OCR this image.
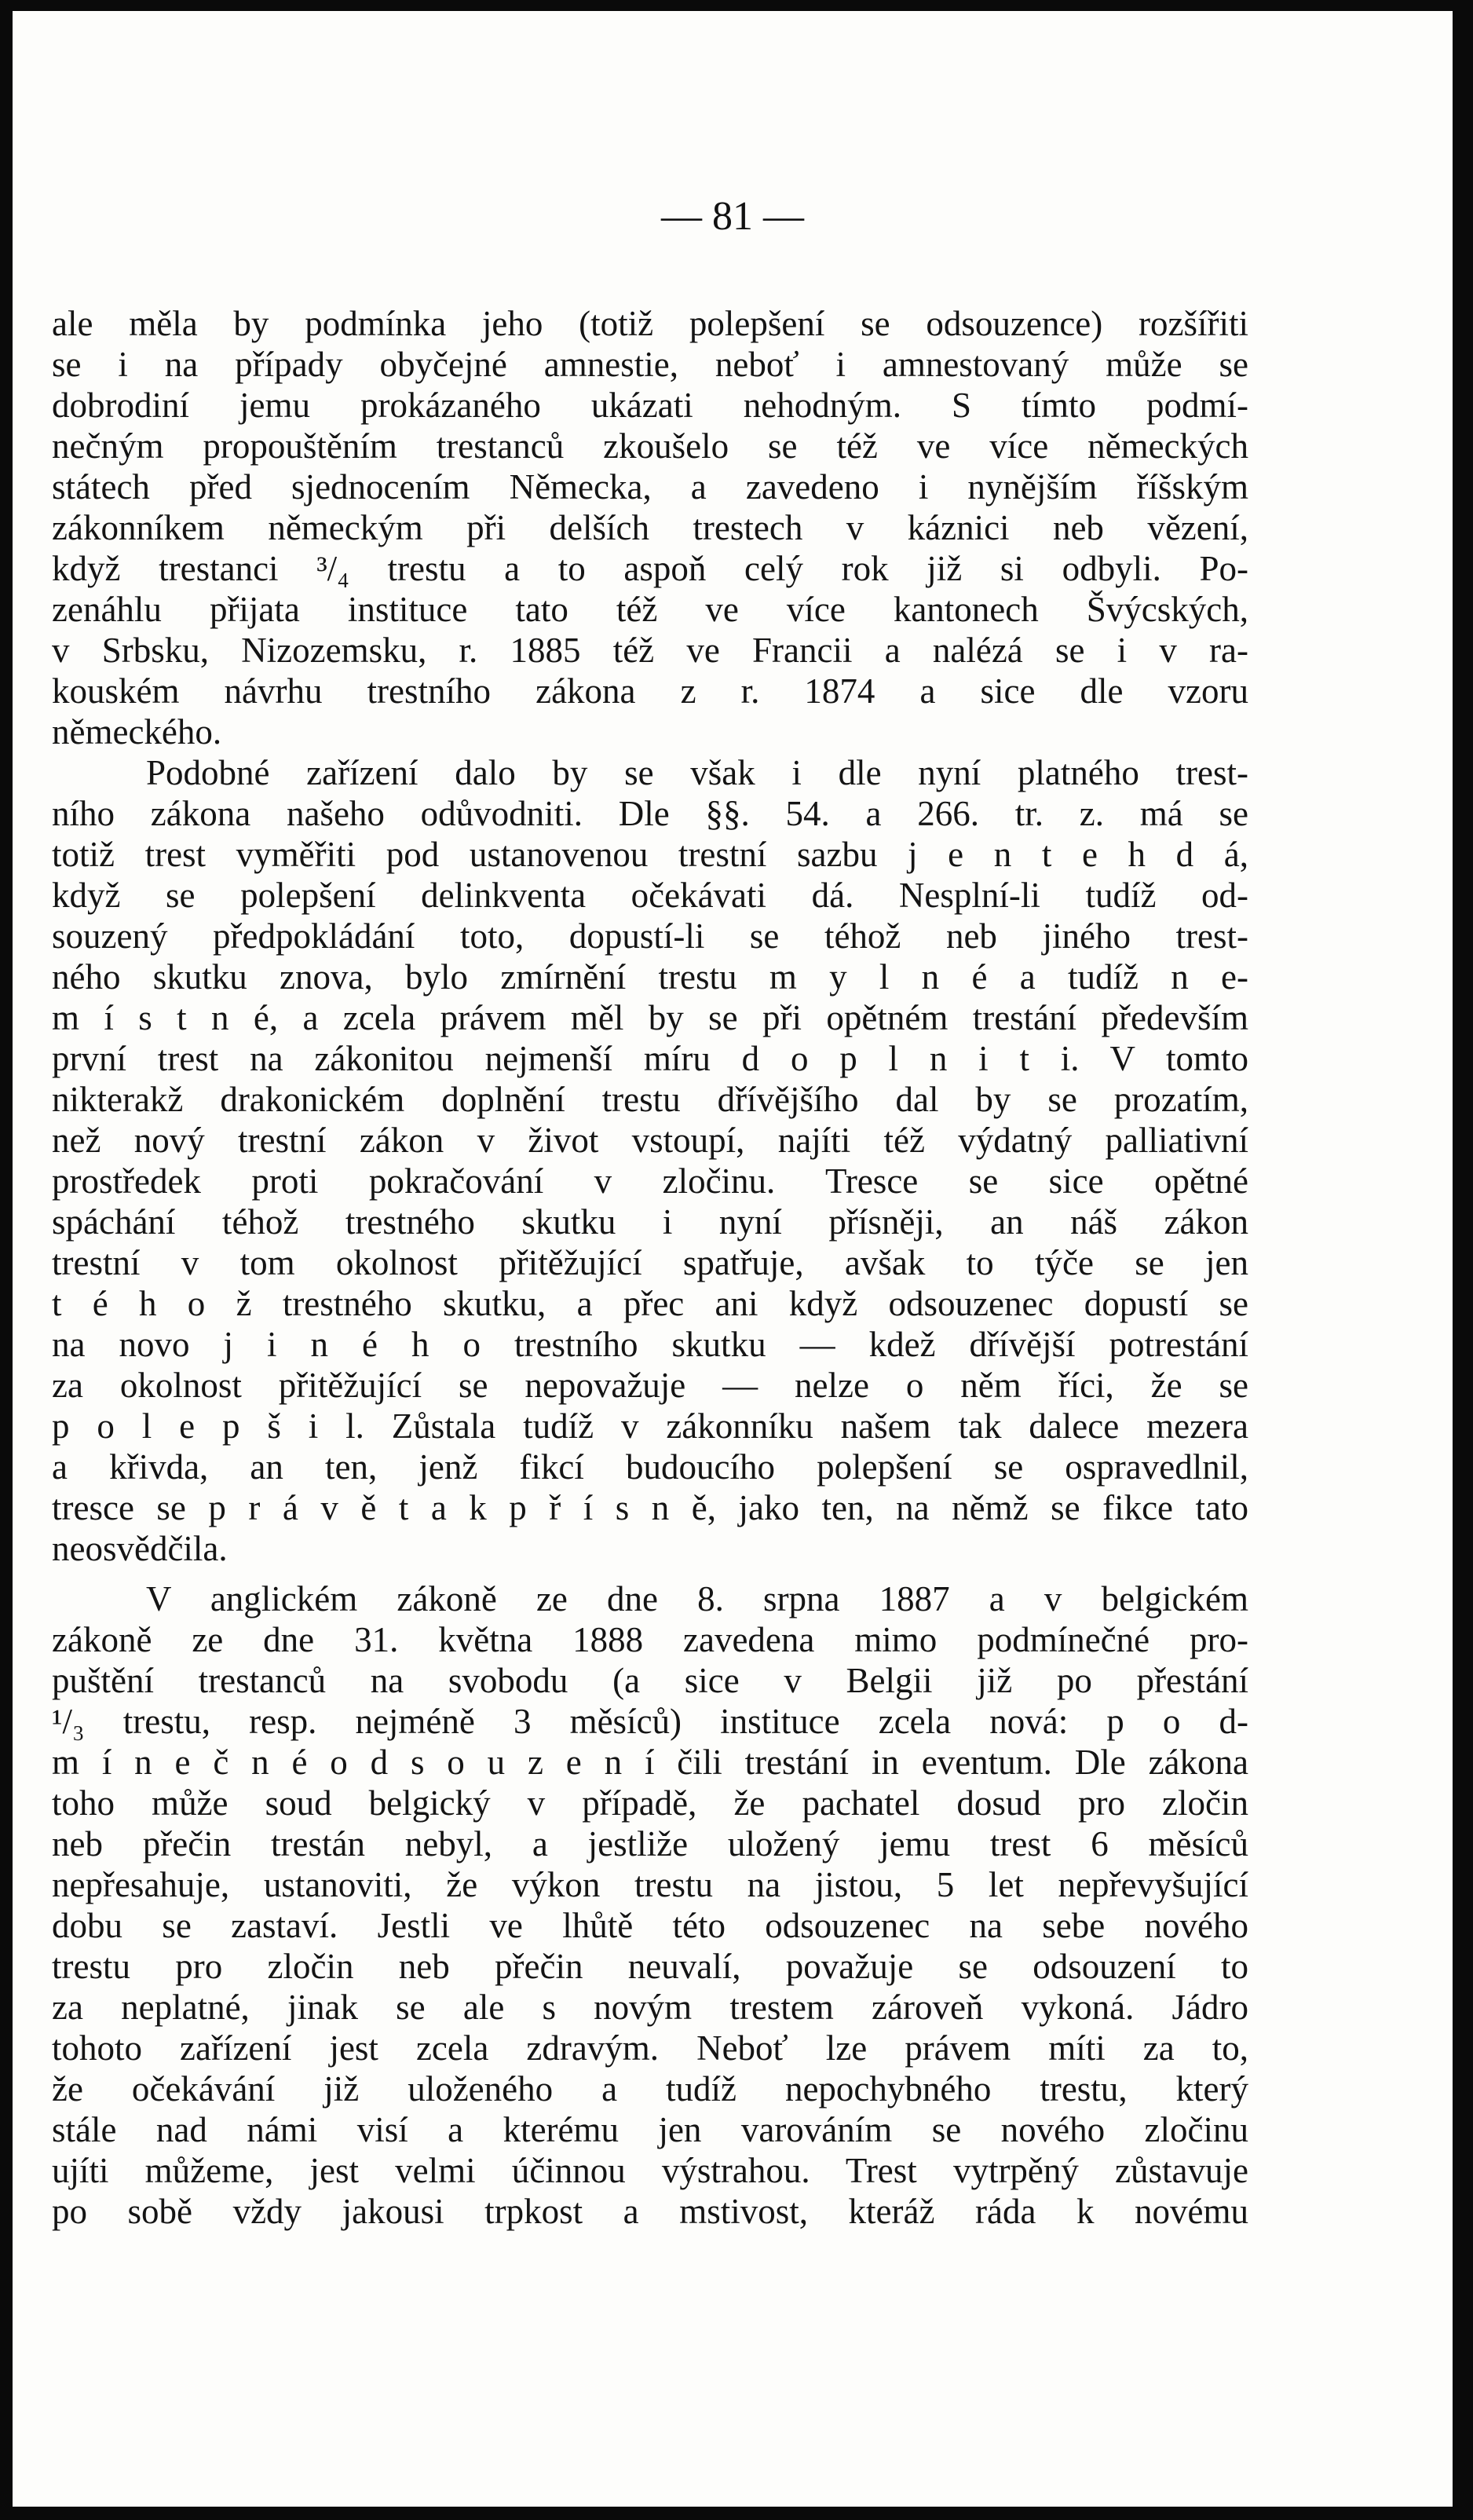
— 81 —
ale měla by podmínka jeho (totiž polepšení se odsouzence) rozšířiti
se i na případy obyčejné amnestie, neboť i amnestovaný může se
dobrodiní jemu prokázaného ukázati nehodným. S tímto podmí-
nečným propouštěním trestanců zkoušelo se též ve více německých
státech před sjednocením Německa, a zavedeno i nynějším říšským
zákonníkem německým při delších trestech v káznici neb vězení,
když trestanci ³/₄ trestu a to aspoň celý rok již si odbyli. Po-
zenáhlu přijata instituce tato též ve více kantonech Švýcských,
v Srbsku, Nizozemsku, r. 1885 též ve Francii a nalézá se i v ra-
kouském návrhu trestního zákona z r. 1874 a sice dle vzoru
německého.
Podobné zařízení dalo by se však i dle nyní platného trest-
ního zákona našeho odůvodniti. Dle §§. 54. a 266. tr. z. má se
totiž trest vyměřiti pod ustanovenou trestní sazbu j e n t e h d á,
když se polepšení delinkventa očekávati dá. Nesplní-li tudíž od-
souzený předpokládání toto, dopustí-li se téhož neb jiného trest-
ného skutku znova, bylo zmírnění trestu m y l n é a tudíž n e-
m í s t n é, a zcela právem měl by se při opětném trestání především
první trest na zákonitou nejmenší míru d o p l n i t i. V tomto
nikterakž drakonickém doplnění trestu dřívějšího dal by se prozatím,
než nový trestní zákon v život vstoupí, najíti též výdatný palliativní
prostředek proti pokračování v zločinu. Tresce se sice opětné
spáchání téhož trestného skutku i nyní přísněji, an náš zákon
trestní v tom okolnost přitěžující spatřuje, avšak to týče se jen
t é h o ž trestného skutku, a přec ani když odsouzenec dopustí se
na novo j i n é h o trestního skutku — kdež dřívější potrestání
za okolnost přitěžující se nepovažuje — nelze o něm říci, že se
p o l e p š i l. Zůstala tudíž v zákonníku našem tak dalece mezera
a křivda, an ten, jenž fikcí budoucího polepšení se ospravedlnil,
tresce se p r á v ě t a k p ř í s n ě, jako ten, na němž se fikce tato
neosvědčila.
V anglickém zákoně ze dne 8. srpna 1887 a v belgickém
zákoně ze dne 31. května 1888 zavedena mimo podmínečné pro-
puštění trestanců na svobodu (a sice v Belgii již po přestání
¹/₃ trestu, resp. nejméně 3 měsíců) instituce zcela nová: p o d-
m í n e č n é o d s o u z e n í čili trestání in eventum. Dle zákona
toho může soud belgický v případě, že pachatel dosud pro zločin
neb přečin trestán nebyl, a jestliže uložený jemu trest 6 měsíců
nepřesahuje, ustanoviti, že výkon trestu na jistou, 5 let nepřevyšující
dobu se zastaví. Jestli ve lhůtě této odsouzenec na sebe nového
trestu pro zločin neb přečin neuvalí, považuje se odsouzení to
za neplatné, jinak se ale s novým trestem zároveň vykoná. Jádro
tohoto zařízení jest zcela zdravým. Neboť lze právem míti za to,
že očekávání již uloženého a tudíž nepochybného trestu, který
stále nad námi visí a kterému jen varováním se nového zločinu
ujíti můžeme, jest velmi účinnou výstrahou. Trest vytrpěný zůstavuje
po sobě vždy jakousi trpkost a mstivost, kteráž ráda k novému
